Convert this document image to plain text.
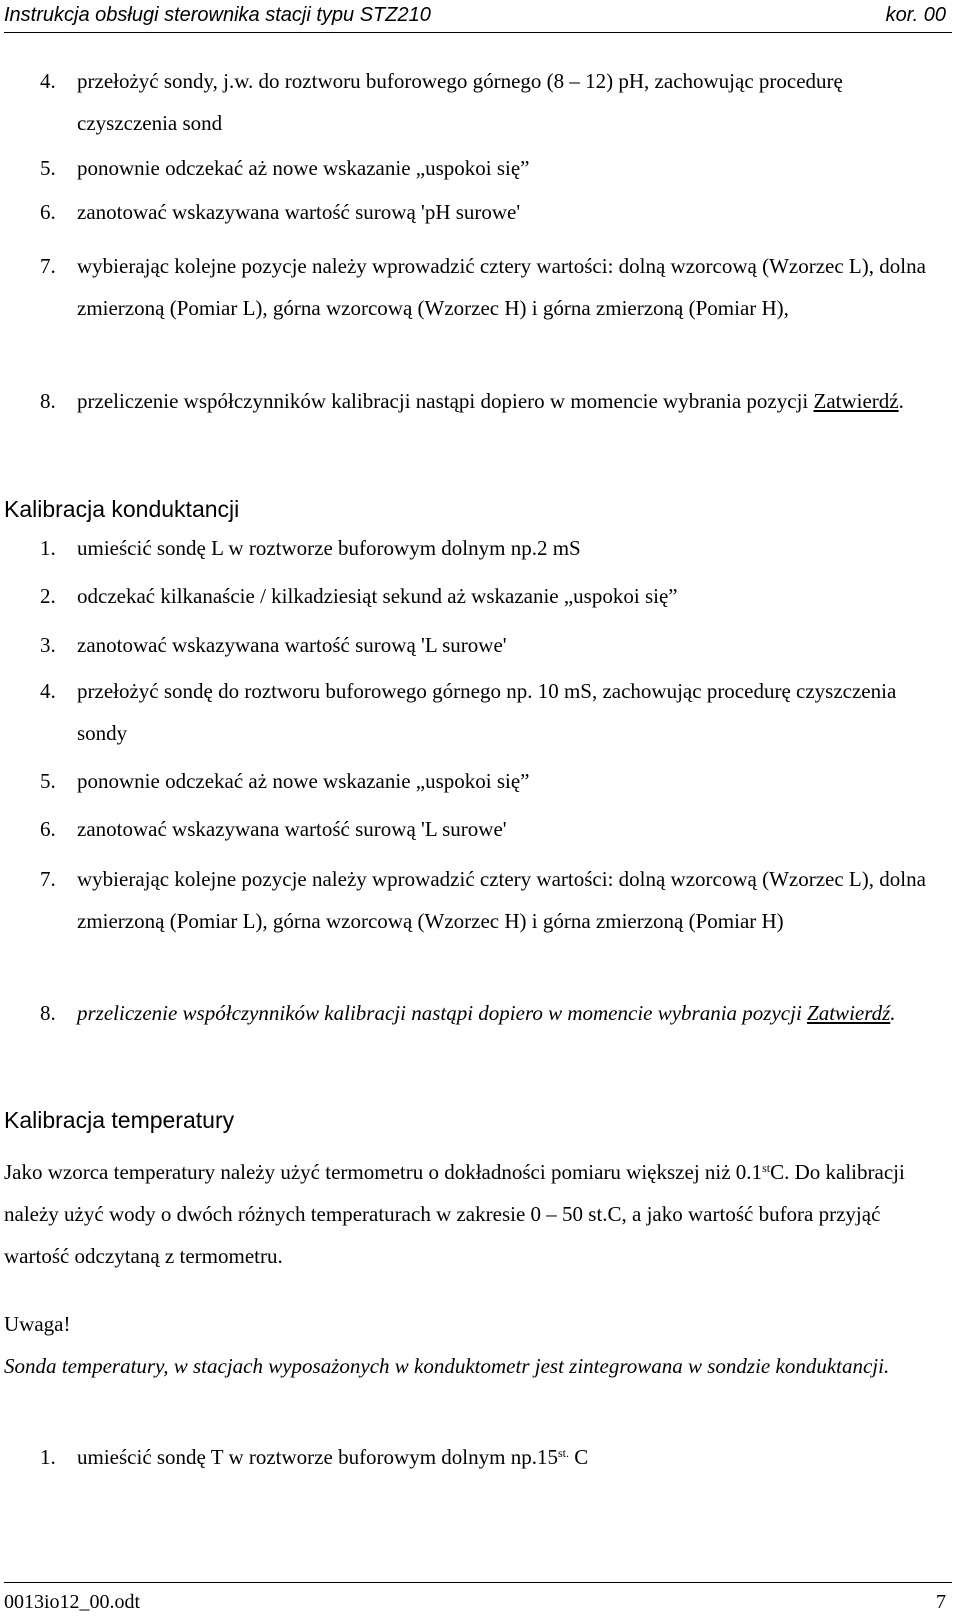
Instrukcja obsługi sterownika stacji typu STZ210	kor. 00
4. przełożyć sondy, j.w. do roztworu buforowego górnego (8 – 12) pH, zachowując procedurę czyszczenia sond
5. ponownie odczekać aż nowe wskazanie „uspokoi się”
6. zanotować wskazywana wartość surową 'pH surowe'
7. wybierając kolejne pozycje należy wprowadzić cztery wartości: dolną wzorcową (Wzorzec L), dolna zmierzoną (Pomiar L), górna wzorcową (Wzorzec H) i górna zmierzoną (Pomiar H),
8. przeliczenie współczynników kalibracji nastąpi dopiero w momencie wybrania pozycji Zatwierdź.
Kalibracja konduktancji
1. umieścić sondę L w roztworze buforowym dolnym np.2 mS
2. odczekać kilkanaście / kilkadziesiąt sekund aż wskazanie „uspokoi się”
3. zanotować wskazywana wartość surową 'L surowe'
4. przełożyć sondę do roztworu buforowego górnego np. 10 mS, zachowując procedurę czyszczenia sondy
5. ponownie odczekać aż nowe wskazanie „uspokoi się”
6. zanotować wskazywana wartość surową 'L surowe'
7. wybierając kolejne pozycje należy wprowadzić cztery wartości: dolną wzorcową (Wzorzec L), dolna zmierzoną (Pomiar L), górna wzorcową (Wzorzec H) i górna zmierzoną (Pomiar H)
8. przeliczenie współczynników kalibracji nastąpi dopiero w momencie wybrania pozycji Zatwierdź.
Kalibracja temperatury
Jako wzorca temperatury należy użyć termometru o dokładności pomiaru większej niż 0.1stC. Do kalibracji należy użyć wody o dwóch różnych temperaturach w zakresie 0 – 50 st.C, a jako wartość bufora przyjąć wartość odczytaną z termometru.
Uwaga!
Sonda temperatury, w stacjach wyposażonych w konduktometr jest zintegrowana w sondzie konduktancji.
1. umieścić sondę T w roztworze buforowym dolnym $np.15^{st.}$ C
0013io12_00.odt	7
